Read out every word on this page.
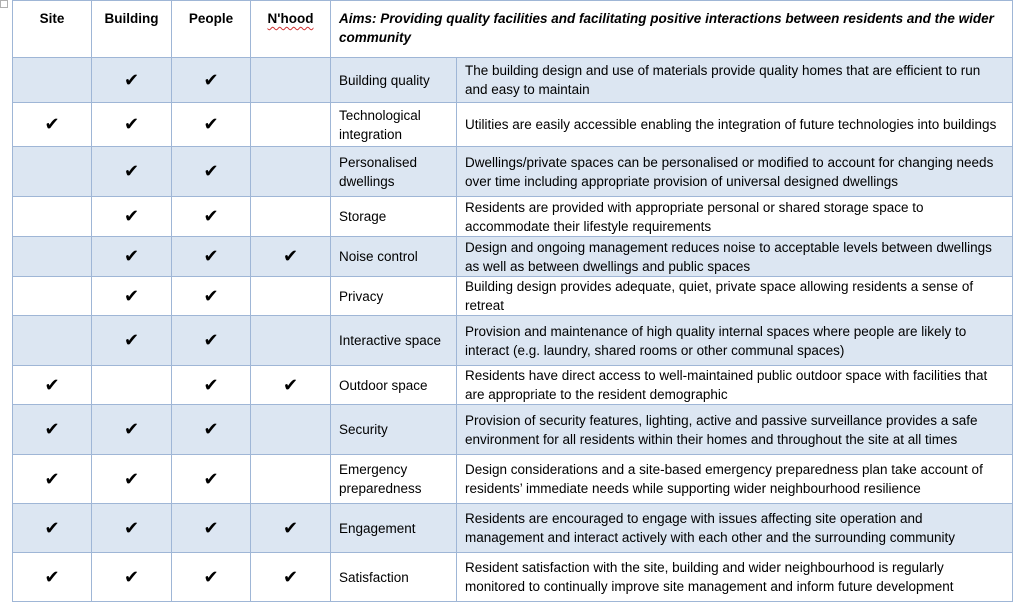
Site	Building	People	N'hood	Aims: Providing quality facilities and facilitating positive interactions between residents and the wider community	
	✔	✔		Building quality	The building design and use of materials provide quality homes that are efficient to run and easy to maintain
✔	✔	✔		Technological integration	Utilities are easily accessible enabling the integration of future technologies into buildings
	✔	✔		Personalised dwellings	Dwellings/private spaces can be personalised or modified to account for changing needs over time including appropriate provision of universal designed dwellings
	✔	✔		Storage	Residents are provided with appropriate personal or shared storage space to accommodate their lifestyle requirements
	✔	✔	✔	Noise control	Design and ongoing management reduces noise to acceptable levels between dwellings as well as between dwellings and public spaces
	✔	✔		Privacy	Building design provides adequate, quiet, private space allowing residents a sense of retreat
	✔	✔		Interactive space	Provision and maintenance of high quality internal spaces where people are likely to interact (e.g. laundry, shared rooms or other communal spaces)
✔		✔	✔	Outdoor space	Residents have direct access to well-maintained public outdoor space with facilities that are appropriate to the resident demographic
✔	✔	✔		Security	Provision of security features, lighting, active and passive surveillance provides a safe environment for all residents within their homes and throughout the site at all times
✔	✔	✔		Emergency preparedness	Design considerations and a site-based emergency preparedness plan take account of residents’ immediate needs while supporting wider neighbourhood resilience
✔	✔	✔	✔	Engagement	Residents are encouraged to engage with issues affecting site operation and management and interact actively with each other and the surrounding community
✔	✔	✔	✔	Satisfaction	Resident satisfaction with the site, building and wider neighbourhood is regularly monitored to continually improve site management and inform future development
